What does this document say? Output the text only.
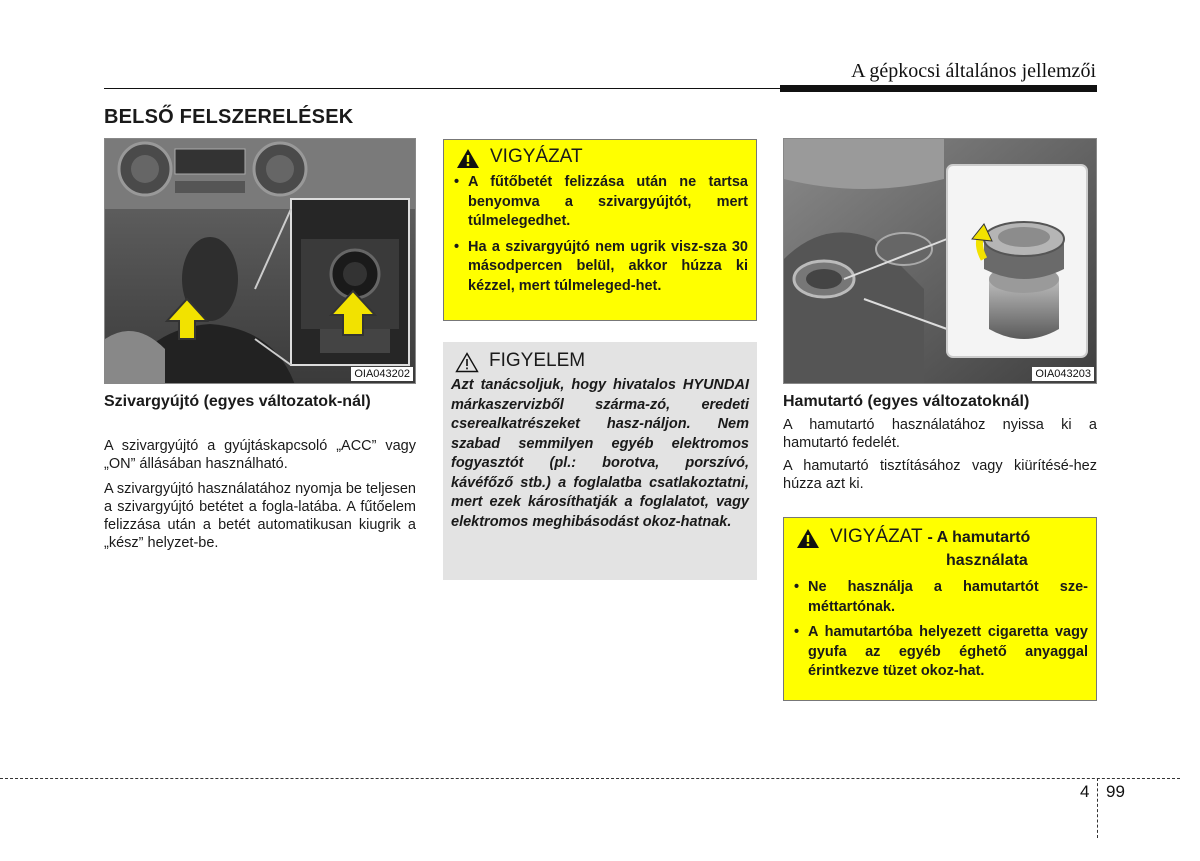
A gépkocsi általános jellemzői
BELSŐ FELSZERELÉSEK
OIA043202
Szivargyújtó (egyes változatok-nál)
A szivargyújtó a gyújtáskapcsoló „ACC” vagy „ON” állásában használható.
A szivargyújtó használatához nyomja be teljesen a szivargyújtó betétet a fogla-latába. A fűtőelem felizzása után a betét automatikusan kiugrik a „kész” helyzet-be.
VIGYÁZAT
• A fűtőbetét felizzása után ne tartsa benyomva a szivargyújtót, mert túlmelegedhet.
• Ha a szivargyújtó nem ugrik visz-sza 30 másodpercen belül, akkor húzza ki kézzel, mert túlmeleged-het.
FIGYELEM
Azt tanácsoljuk, hogy hivatalos HYUNDAI márkaszervizből szárma-zó, eredeti cserealkatrészeket hasz-náljon. Nem szabad semmilyen egyéb elektromos fogyasztót (pl.: borotva, porszívó, kávéfőző stb.) a foglalatba csatlakoztatni, mert ezek károsíthatják a foglalatot, vagy elektromos meghibásodást okoz-hatnak.
OIA043203
Hamutartó (egyes változatoknál)
A hamutartó használatához nyissa ki a hamutartó fedelét.
A hamutartó tisztításához vagy kiürítésé-hez húzza azt ki.
VIGYÁZAT - A hamutartó
használata
• Ne használja a hamutartót sze-méttartónak.
• A hamutartóba helyezett cigaretta vagy gyufa az egyéb éghető anyaggal érintkezve tüzet okoz-hat.
4 99
